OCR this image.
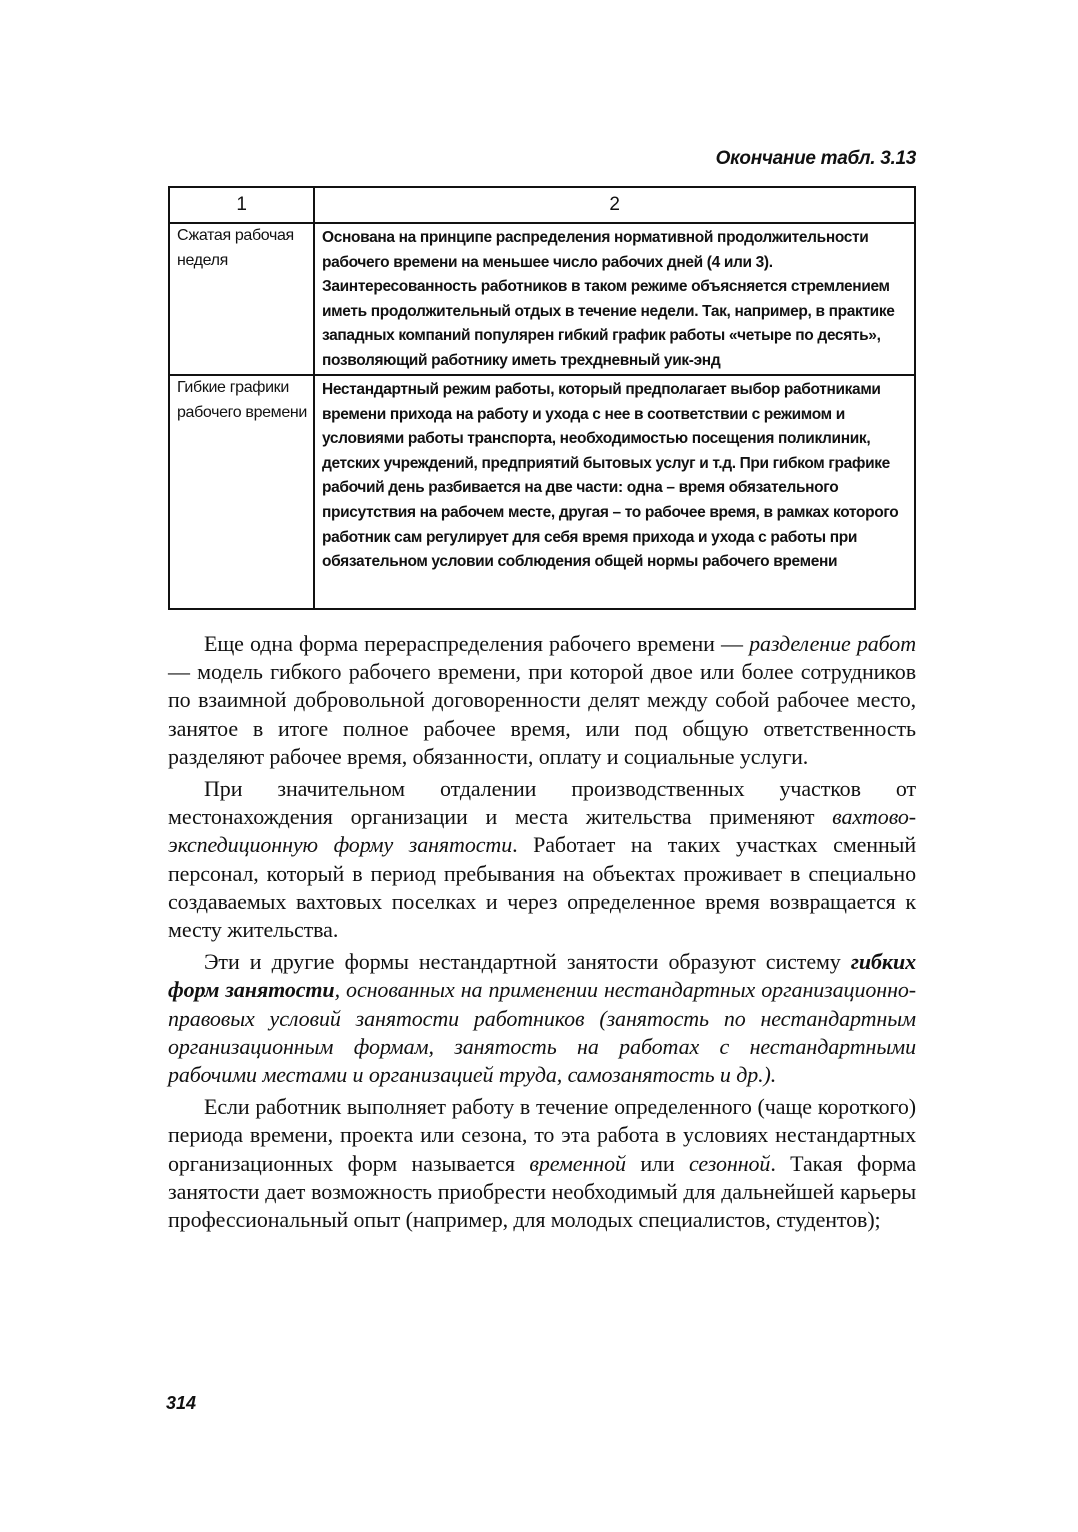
Окончание табл. 3.13
1	2

Сжатая рабочая неделя	Основана на принципе распределения нормативной продолжительности рабочего времени на меньшее число рабочих дней (4 или 3). Заинтересованность работников в таком режиме объясняется стремлением иметь продолжительный отдых в течение недели. Так, например, в практике западных компаний популярен гибкий график работы «четыре по десять», позволяющий работнику иметь трехдневный уик-энд

Гибкие графики рабочего времени	Нестандартный режим работы, который предполагает выбор работниками времени прихода на работу и ухода с нее в соответствии с режимом и условиями работы транспорта, необходимостью посещения поликлиник, детских учреждений, предприятий бытовых услуг и т.д. При гибком графике рабочий день разбивается на две части: одна – время обязательного присутствия на рабочем месте, другая – то рабочее время, в рамках которого работник сам регулирует для себя время прихода и ухода с работы при обязательном условии соблюдения общей нормы рабочего времени

Еще одна форма перераспределения рабочего времени — разделение работ — модель гибкого рабочего времени, при которой двое или более сотрудников по взаимной добровольной договоренности делят между собой рабочее место, занятое в итоге полное рабочее время, или под общую ответственность разделяют рабочее время, обязанности, оплату и социальные услуги.

При значительном отдалении производственных участков от местонахождения организации и места жительства применяют вахтово-экспедиционную форму занятости. Работает на таких участках сменный персонал, который в период пребывания на объектах проживает в специально создаваемых вахтовых поселках и через определенное время возвращается к месту жительства.

Эти и другие формы нестандартной занятости образуют систему гибких форм занятости, основанных на применении нестандартных организационно-правовых условий занятости работников (занятость по нестандартным организационным формам, занятость на работах с нестандартными рабочими местами и организацией труда, самозанятость и др.).

Если работник выполняет работу в течение определенного (чаще короткого) периода времени, проекта или сезона, то эта работа в условиях нестандартных организационных форм называется временной или сезонной. Такая форма занятости дает возможность приобрести необходимый для дальнейшей карьеры профессиональный опыт (например, для молодых специалистов, студентов);

314
